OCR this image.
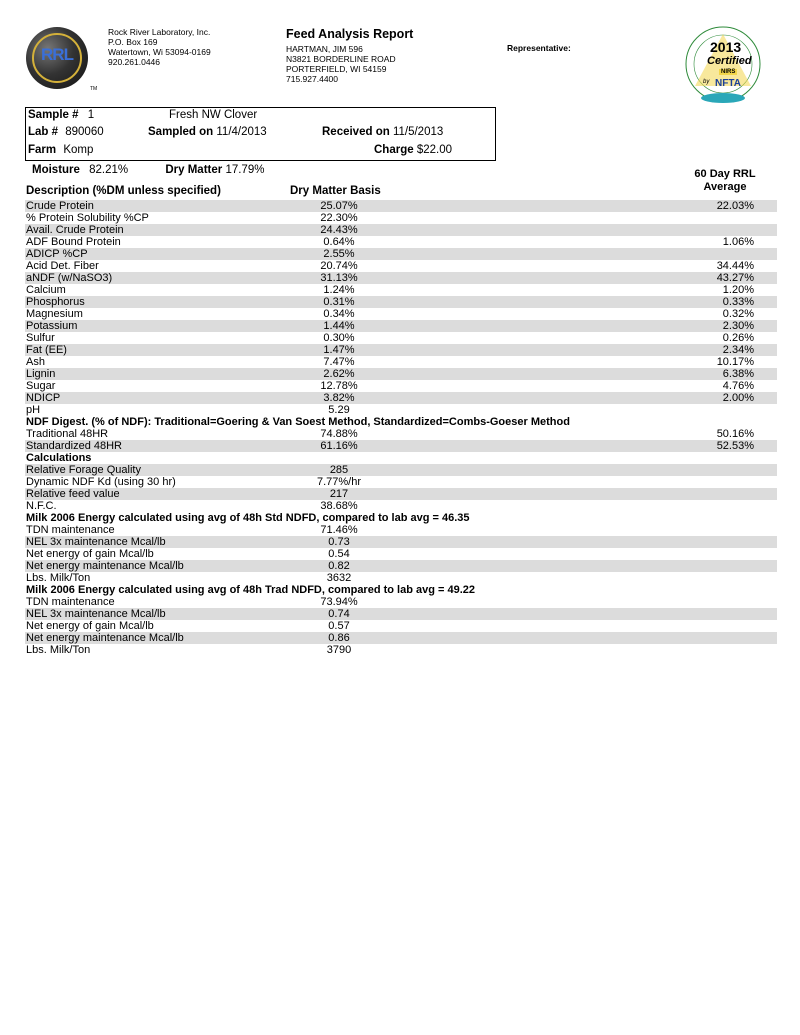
RRL
TM
Rock River Laboratory, Inc.
P.O. Box 169
Watertown, Wi 53094-0169
920.261.0446
Feed Analysis Report
HARTMAN, JIM 596
N3821 BORDERLINE ROAD
PORTERFIELD, WI 54159
715.927.4400
Representative:	2013
Certified
NIRS
by NFTA
Sample # 1	Fresh NW Clover
Lab # 890060	Sampled on 11/4/2013	Received on 11/5/2013
Farm Komp	Charge $22.00
Moisture 82.21%	Dry Matter 17.79%	60 Day RRL
Average
Description (%DM unless specified)	Dry Matter Basis
Crude Protein	25.07%	22.03%
% Protein Solubility %CP	22.30%
Avail. Crude Protein	24.43%
ADF Bound Protein	0.64%	1.06%
ADICP %CP	2.55%
Acid Det. Fiber	20.74%	34.44%
aNDF (w/NaSO3)	31.13%	43.27%
Calcium	1.24%	1.20%
Phosphorus	0.31%	0.33%
Magnesium	0.34%	0.32%
Potassium	1.44%	2.30%
Sulfur	0.30%	0.26%
Fat (EE)	1.47%	2.34%
Ash	7.47%	10.17%
Lignin	2.62%	6.38%
Sugar	12.78%	4.76%
NDICP	3.82%	2.00%
pH	5.29
NDF Digest. (% of NDF): Traditional=Goering & Van Soest Method, Standardized=Combs-Goeser Method
Traditional 48HR	74.88%	50.16%
Standardized 48HR	61.16%	52.53%
Calculations
Relative Forage Quality	285
Dynamic NDF Kd (using 30 hr)	7.77%/hr
Relative feed value	217
N.F.C.	38.68%
Milk 2006 Energy calculated using avg of 48h Std NDFD, compared to lab avg = 46.35
TDN maintenance	71.46%
NEL 3x maintenance Mcal/lb	0.73
Net energy of gain Mcal/lb	0.54
Net energy maintenance Mcal/lb	0.82
Lbs. Milk/Ton	3632
Milk 2006 Energy calculated using avg of 48h Trad NDFD, compared to lab avg = 49.22
TDN maintenance	73.94%
NEL 3x maintenance Mcal/lb	0.74
Net energy of gain Mcal/lb	0.57
Net energy maintenance Mcal/lb	0.86
Lbs. Milk/Ton	3790
